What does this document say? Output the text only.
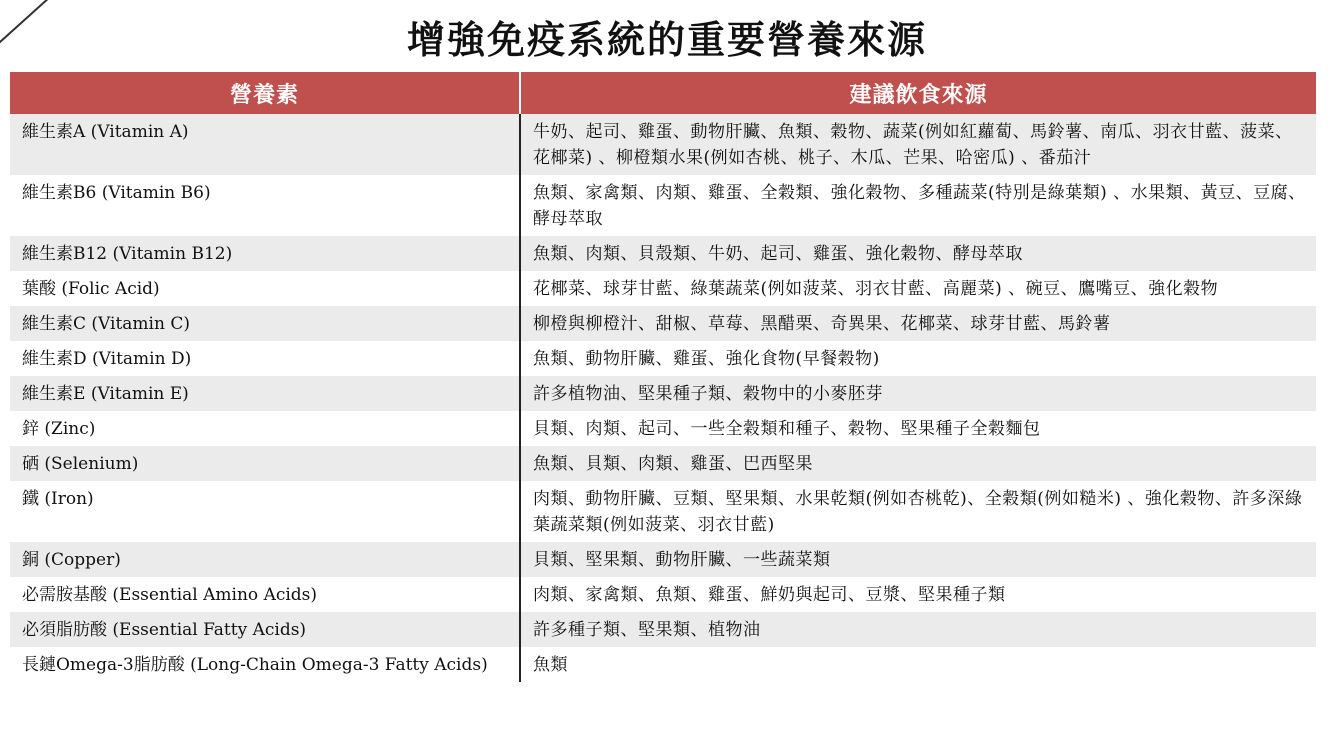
增強免疫系統的重要營養來源
營養素	建議飲食來源
維生素A (Vitamin A)	牛奶、起司、雞蛋、動物肝臟、魚類、穀物、蔬菜(例如紅蘿蔔、馬鈴薯、南瓜、羽衣甘藍、菠菜、花椰菜) 、柳橙類水果(例如杏桃、桃子、木瓜、芒果、哈密瓜) 、番茄汁
維生素B6 (Vitamin B6)	魚類、家禽類、肉類、雞蛋、全穀類、強化穀物、多種蔬菜(特別是綠葉類) 、水果類、黃豆、豆腐、酵母萃取
維生素B12 (Vitamin B12)	魚類、肉類、貝殼類、牛奶、起司、雞蛋、強化穀物、酵母萃取
葉酸 (Folic Acid)	花椰菜、球芽甘藍、綠葉蔬菜(例如菠菜、羽衣甘藍、高麗菜) 、碗豆、鷹嘴豆、強化穀物
維生素C (Vitamin C)	柳橙與柳橙汁、甜椒、草莓、黑醋栗、奇異果、花椰菜、球芽甘藍、馬鈴薯
維生素D (Vitamin D)	魚類、動物肝臟、雞蛋、強化食物(早餐穀物)
維生素E (Vitamin E)	許多植物油、堅果種子類、穀物中的小麥胚芽
鋅 (Zinc)	貝類、肉類、起司、一些全穀類和種子、穀物、堅果種子全穀麵包
硒 (Selenium)	魚類、貝類、肉類、雞蛋、巴西堅果
鐵 (Iron)	肉類、動物肝臟、豆類、堅果類、水果乾類(例如杏桃乾)、全穀類(例如糙米) 、強化穀物、許多深綠葉蔬菜類(例如菠菜、羽衣甘藍)
銅 (Copper)	貝類、堅果類、動物肝臟、一些蔬菜類
必需胺基酸 (Essential Amino Acids)	肉類、家禽類、魚類、雞蛋、鮮奶與起司、豆漿、堅果種子類
必須脂肪酸 (Essential Fatty Acids)	許多種子類、堅果類、植物油
長鏈Omega-3脂肪酸 (Long-Chain Omega-3 Fatty Acids)	魚類
